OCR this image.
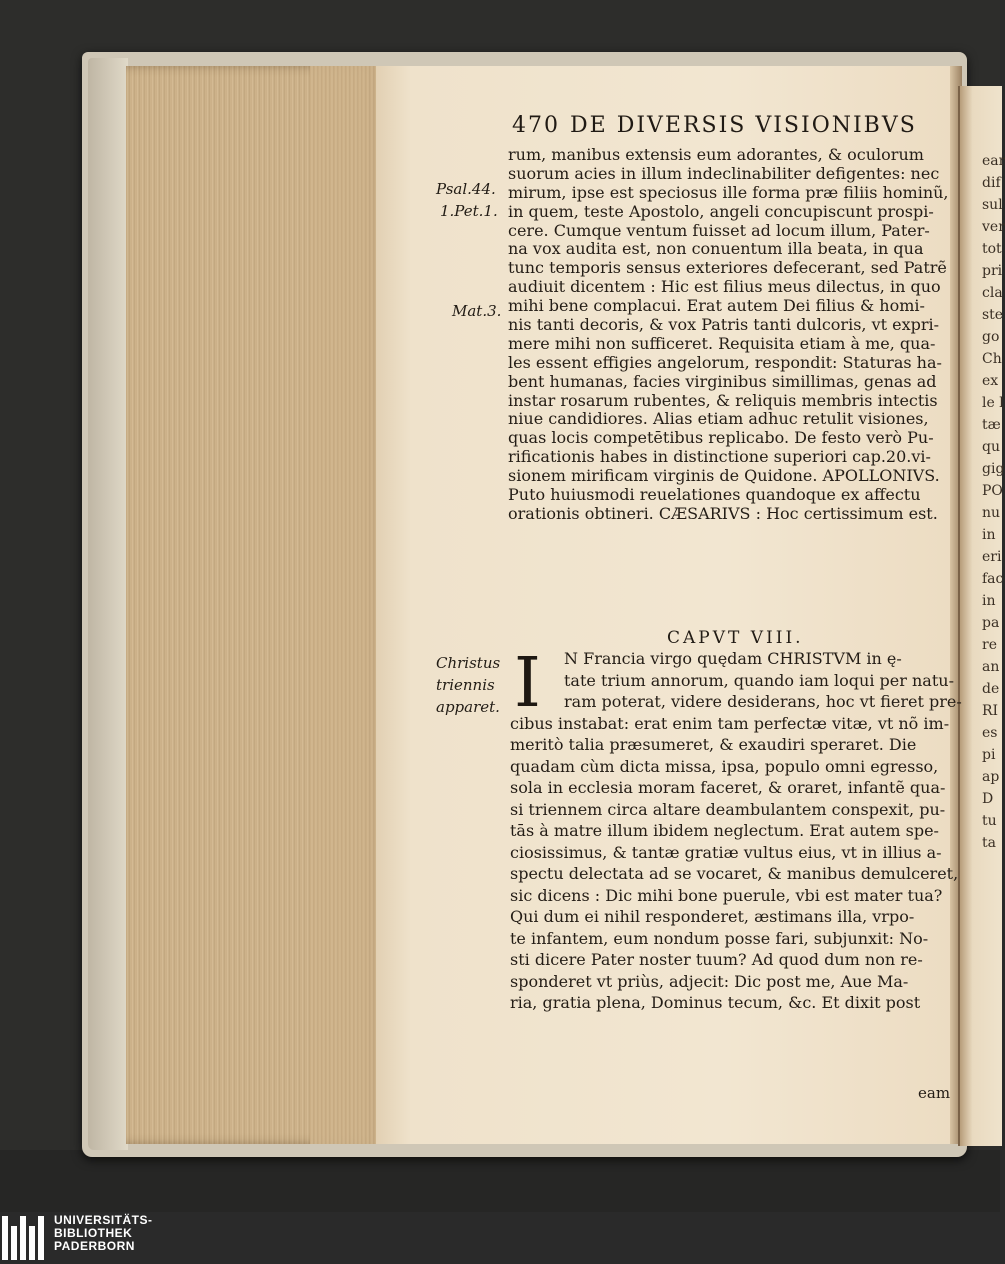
470 DE DIVERSIS VISIONIBVS
Psal.44.
1.Pet.1.
Mat.3.
Christus
triennis
apparet.
rum, manibus extensis eum adorantes, & oculorum
suorum acies in illum indeclinabiliter defigentes: nec
mirum, ipse est speciosus ille forma præ filiis hominũ,
in quem, teste Apostolo, angeli concupiscunt prospi-
cere. Cumque ventum fuisset ad locum illum, Pater-
na vox audita est, non conuentum illa beata, in qua
tunc temporis sensus exteriores defecerant, sed Patrẽ
audiuit dicentem : Hic est filius meus dilectus, in quo
mihi bene complacui. Erat autem Dei filius & homi-
nis tanti decoris, & vox Patris tanti dulcoris, vt expri-
mere mihi non sufficeret. Requisita etiam à me, qua-
les essent effigies angelorum, respondit: Staturas ha-
bent humanas, facies virginibus simillimas, genas ad
instar rosarum rubentes, & reliquis membris intectis
niue candidiores. Alias etiam adhuc retulit visiones,
quas locis competētibus replicabo. De festo verò Pu-
rificationis habes in distinctione superiori cap.20.vi-
sionem mirificam virginis de Quidone. APOLLONIVS.
Puto huiusmodi reuelationes quandoque ex affectu
orationis obtineri. CÆSARIVS : Hoc certissimum est.
CAPVT VIII.
I	N Francia virgo quędam CHRISTVM in ę-
tate trium annorum, quando iam loqui per natu-
ram poterat, videre desiderans, hoc vt fieret pre-
cibus instabat: erat enim tam perfectæ vitæ, vt nõ im-
meritò talia præsumeret, & exaudiri speraret. Die
quadam cùm dicta missa, ipsa, populo omni egresso,
sola in ecclesia moram faceret, & oraret, infantẽ qua-
si triennem circa altare deambulantem conspexit, pu-
tās à matre illum ibidem neglectum. Erat autem spe-
ciosissimus, & tantæ gratiæ vultus eius, vt in illius a-
spectu delectata ad se vocaret, & manibus demulceret,
sic dicens : Dic mihi bone puerule, vbi est mater tua?
Qui dum ei nihil responderet, æstimans illa, vrpo-
te infantem, eum nondum posse fari, subjunxit: No-
sti dicere Pater noster tuum? Ad quod dum non re-
sponderet vt priùs, adjecit: Dic post me, Aue Ma-
ria, gratia plena, Dominus tecum, &c. Et dixit post
eam
ear
dif
sul
ver
tot
pri
cla
ste
go
Ch
ex
le l
tæ
qu
gig
PO
nu
in
eri
fac
in
pa
re
an
de
RI
es
pi
ap
D
tu
ta
UNIVERSITÄTS-
BIBLIOTHEK
PADERBORN
